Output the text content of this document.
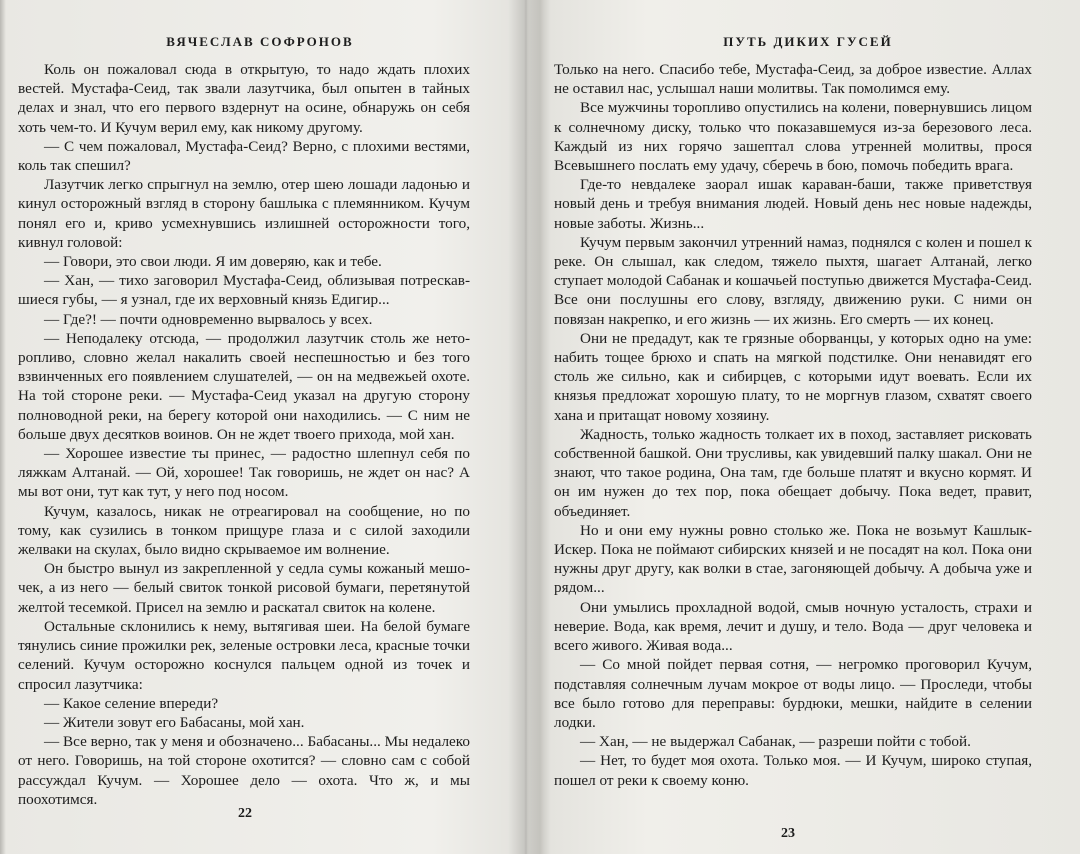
ВЯЧЕСЛАВ СОФРОНОВ

Коль он пожаловал сюда в открытую, то надо ждать плохих вестей. Мустафа-Сеид, так звали лазутчика, был опытен в тайных делах и знал, что его первого вздернут на осине, обнаружь он себя хоть чем-то. И Кучум верил ему, как никому другому.

— С чем пожаловал, Мустафа-Сеид? Верно, с плохими вестями, коль так спешил?

Лазутчик легко спрыгнул на землю, отер шею лошади ладонью и кинул осторожный взгляд в сторону башлыка с племянником. Кучум понял его и, криво усмехнувшись излишней осторожности того, кивнул головой:

— Говори, это свои люди. Я им доверяю, как и тебе.

— Хан, — тихо заговорил Мустафа-Сеид, облизывая потрескавшиеся губы, — я узнал, где их верховный князь Едигир...

— Где?! — почти одновременно вырвалось у всех.

— Неподалеку отсюда, — продолжил лазутчик столь же неторопливо, словно желал накалить своей неспешностью и без того взвинченных его появлением слушателей, — он на медвежьей охоте. На той стороне реки. — Мустафа-Сеид указал на другую сторону полноводной реки, на берегу которой они находились. — С ним не больше двух десятков воинов. Он не ждет твоего прихода, мой хан.

— Хорошее известие ты принес, — радостно шлепнул себя по ляжкам Алтанай. — Ой, хорошее! Так говоришь, не ждет он нас? А мы вот они, тут как тут, у него под носом.

Кучум, казалось, никак не отреагировал на сообщение, но по тому, как сузились в тонком прищуре глаза и с силой заходили желваки на скулах, было видно скрываемое им волнение.

Он быстро вынул из закрепленной у седла сумы кожаный мешочек, а из него — белый свиток тонкой рисовой бумаги, перетянутой желтой тесемкой. Присел на землю и раскатал свиток на колене.

Остальные склонились к нему, вытягивая шеи. На белой бумаге тянулись синие прожилки рек, зеленые островки леса, красные точки селений. Кучум осторожно коснулся пальцем одной из точек и спросил лазутчика:

— Какое селение впереди?

— Жители зовут его Бабасаны, мой хан.

— Все верно, так у меня и обозначено... Бабасаны... Мы недалеко от него. Говоришь, на той стороне охотится? — словно сам с собой рассуждал Кучум. — Хорошее дело — охота. Что ж, и мы поохотимся.

22
ПУТЬ ДИКИХ ГУСЕЙ

Только на него. Спасибо тебе, Мустафа-Сеид, за доброе известие. Аллах не оставил нас, услышал наши молитвы. Так помолимся ему.

Все мужчины торопливо опустились на колени, повернувшись лицом к солнечному диску, только что показавшемуся из-за березового леса. Каждый из них горячо зашептал слова утренней молитвы, прося Всевышнего послать ему удачу, сберечь в бою, помочь победить врага.

Где-то невдалеке заорал ишак караван-баши, также приветствуя новый день и требуя внимания людей. Новый день нес новые надежды, новые заботы. Жизнь...

Кучум первым закончил утренний намаз, поднялся с колен и пошел к реке. Он слышал, как следом, тяжело пыхтя, шагает Алтанай, легко ступает молодой Сабанак и кошачьей поступью движется Мустафа-Сеид. Все они послушны его слову, взгляду, движению руки. С ними он повязан накрепко, и его жизнь — их жизнь. Его смерть — их конец.

Они не предадут, как те грязные оборванцы, у которых одно на уме: набить тощее брюхо и спать на мягкой подстилке. Они ненавидят его столь же сильно, как и сибирцев, с которыми идут воевать. Если их князья предложат хорошую плату, то не моргнув глазом, схватят своего хана и притащат новому хозяину.

Жадность, только жадность толкает их в поход, заставляет рисковать собственной башкой. Они трусливы, как увидевший палку шакал. Они не знают, что такое родина, Она там, где больше платят и вкусно кормят. И он им нужен до тех пор, пока обещает добычу. Пока ведет, правит, объединяет.

Но и они ему нужны ровно столько же. Пока не возьмут Кашлык-Искер. Пока не поймают сибирских князей и не посадят на кол. Пока они нужны друг другу, как волки в стае, загоняющей добычу. А добыча уже и рядом...

Они умылись прохладной водой, смыв ночную усталость, страхи и неверие. Вода, как время, лечит и душу, и тело. Вода — друг человека и всего живого. Живая вода...

— Со мной пойдет первая сотня, — негромко проговорил Кучум, подставляя солнечным лучам мокрое от воды лицо. — Проследи, чтобы все было готово для переправы: бурдюки, мешки, найдите в селении лодки.

— Хан, — не выдержал Сабанак, — разреши пойти с тобой.

— Нет, то будет моя охота. Только моя. — И Кучум, широко ступая, пошел от реки к своему коню.

23
